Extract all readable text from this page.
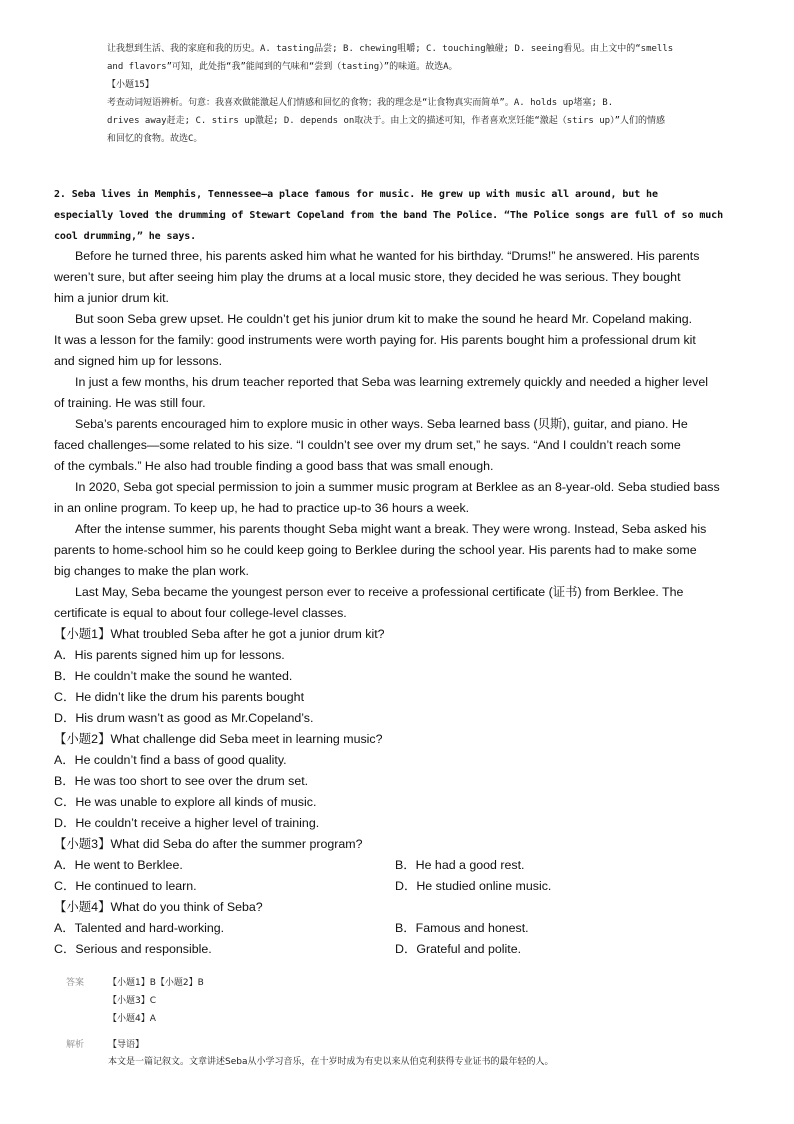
让我想到生活、我的家庭和我的历史。A. tasting品尝; B. chewing咀嚼; C. touching触碰; D. seeing看见。由上文中的“smells

and flavors”可知，此处指“我”能闻到的气味和“尝到（tasting）”的味道。故选A。

【小题15】

考查动词短语辨析。句意：我喜欢做能激起人们情感和回忆的食物；我的理念是“让食物真实而简单”。A. holds up堵塞; B.

drives away赶走; C. stirs up激起; D. depends on取决于。由上文的描述可知，作者喜欢烹饪能“激起（stirs up）”人们的情感

和回忆的食物。故选C。

2. Seba lives in Memphis, Tennessee—a place famous for music. He grew up with music all around, but he

especially loved the drumming of Stewart Copeland from the band The Police. “The Police songs are full of so much

cool drumming,” he says.

Before he turned three, his parents asked him what he wanted for his birthday. “Drums!” he answered. His parents

weren’t sure, but after seeing him play the drums at a local music store, they decided he was serious. They bought

him a junior drum kit.

But soon Seba grew upset. He couldn’t get his junior drum kit to make the sound he heard Mr. Copeland making.

It was a lesson for the family: good instruments were worth paying for. His parents bought him a professional drum kit

and signed him up for lessons.

In just a few months, his drum teacher reported that Seba was learning extremely quickly and needed a higher level

of training. He was still four.

Seba’s parents encouraged him to explore music in other ways. Seba learned bass (贝斯), guitar, and piano. He

faced challenges—some related to his size. “I couldn’t see over my drum set,” he says. “And I couldn’t reach some

of the cymbals.” He also had trouble finding a good bass that was small enough.

In 2020, Seba got special permission to join a summer music program at Berklee as an 8-year-old. Seba studied bass

in an online program. To keep up, he had to practice up-to 36 hours a week.

After the intense summer, his parents thought Seba might want a break. They were wrong. Instead, Seba asked his

parents to home-school him so he could keep going to Berklee during the school year. His parents had to make some

big changes to make the plan work.

Last May, Seba became the youngest person ever to receive a professional certificate (证书) from Berklee. The

certificate is equal to about four college-level classes.

【小题1】What troubled Seba after he got a junior drum kit?

A．His parents signed him up for lessons.

B．He couldn’t make the sound he wanted.

C．He didn’t like the drum his parents bought

D．His drum wasn’t as good as Mr.Copeland’s.

【小题2】What challenge did Seba meet in learning music?

A．He couldn’t find a bass of good quality.

B．He was too short to see over the drum set.

C．He was unable to explore all kinds of music.

D．He couldn’t receive a higher level of training.

【小题3】What did Seba do after the summer program?

A．He went to Berklee.	B．He had a good rest.
C．He continued to learn.	D．He studied online music.

【小题4】What do you think of Seba?

A．Talented and hard-working.	B．Famous and honest.
C．Serious and responsible.	D．Grateful and polite.
答案	【小题1】B【小题2】B
【小题3】C
【小题4】A
解析	【导语】
本文是一篇记叙文。文章讲述Seba从小学习音乐，在十岁时成为有史以来从伯克利获得专业证书的最年轻的人。
